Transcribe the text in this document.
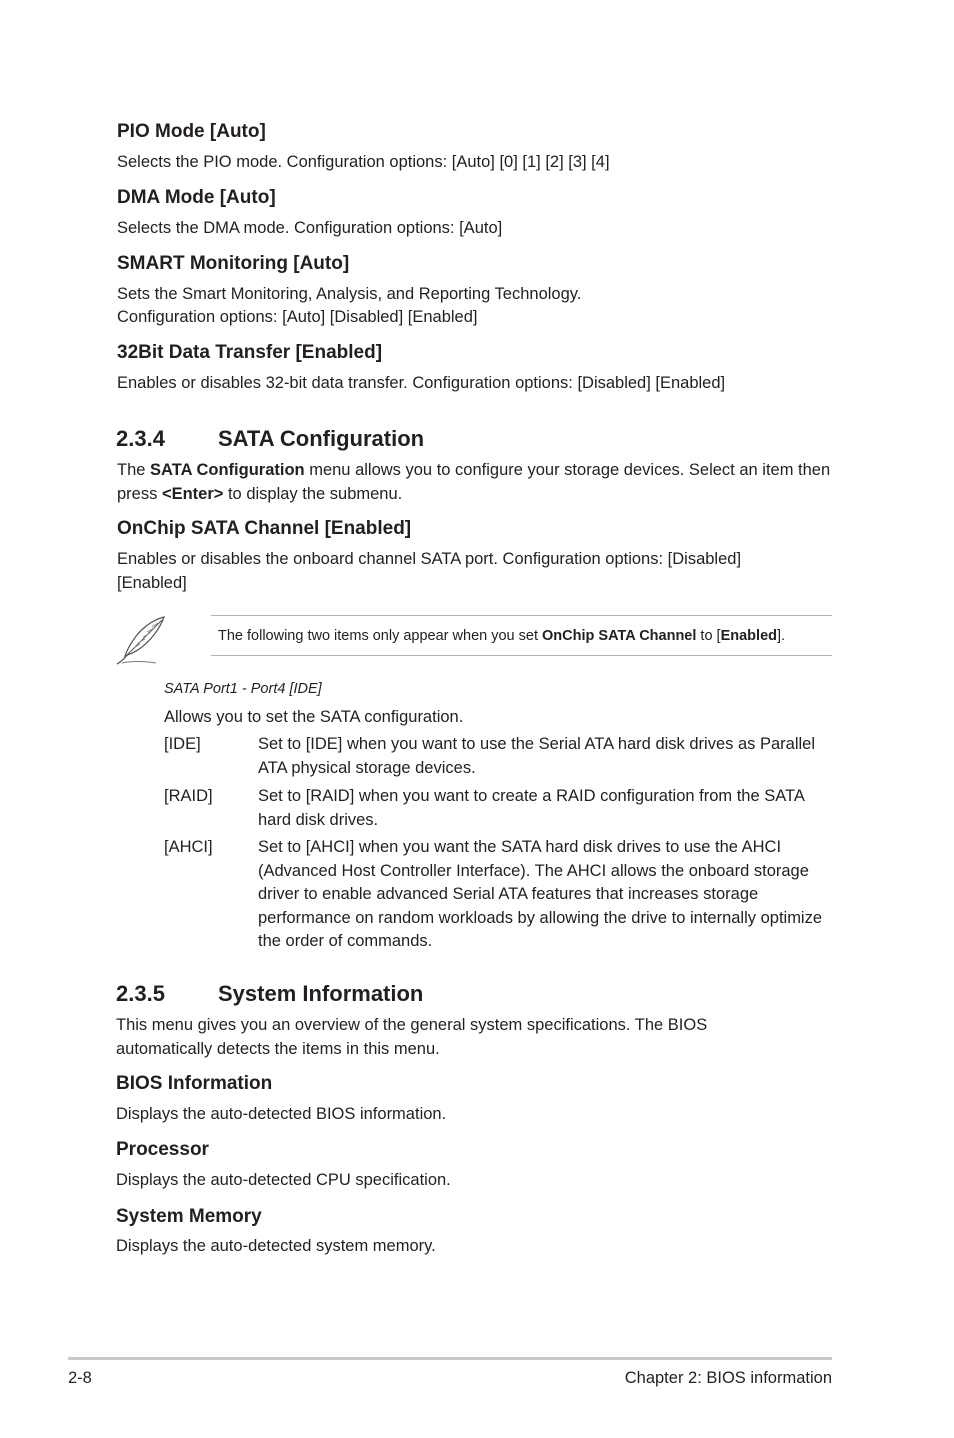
PIO Mode [Auto]
Selects the PIO mode. Configuration options: [Auto] [0] [1] [2] [3] [4]
DMA Mode [Auto]
Selects the DMA mode. Configuration options: [Auto]
SMART Monitoring [Auto]
Sets the Smart Monitoring, Analysis, and Reporting Technology.
Configuration options: [Auto] [Disabled] [Enabled]
32Bit Data Transfer [Enabled]
Enables or disables 32-bit data transfer. Configuration options: [Disabled] [Enabled]
2.3.4 SATA Configuration
The SATA Configuration menu allows you to configure your storage devices. Select an item then press <Enter> to display the submenu.
OnChip SATA Channel [Enabled]
Enables or disables the onboard channel SATA port. Configuration options: [Disabled]
[Enabled]
The following two items only appear when you set OnChip SATA Channel to [Enabled].
SATA Port1 - Port4 [IDE]
Allows you to set the SATA configuration.
[IDE]	Set to [IDE] when you want to use the Serial ATA hard disk drives as Parallel ATA physical storage devices.
[RAID]	Set to [RAID] when you want to create a RAID configuration from the SATA hard disk drives.
[AHCI]	Set to [AHCI] when you want the SATA hard disk drives to use the AHCI (Advanced Host Controller Interface). The AHCI allows the onboard storage driver to enable advanced Serial ATA features that increases storage performance on random workloads by allowing the drive to internally optimize the order of commands.
2.3.5 System Information
This menu gives you an overview of the general system specifications. The BIOS automatically detects the items in this menu.
BIOS Information
Displays the auto-detected BIOS information.
Processor
Displays the auto-detected CPU specification.
System Memory
Displays the auto-detected system memory.
2-8	Chapter 2: BIOS information
